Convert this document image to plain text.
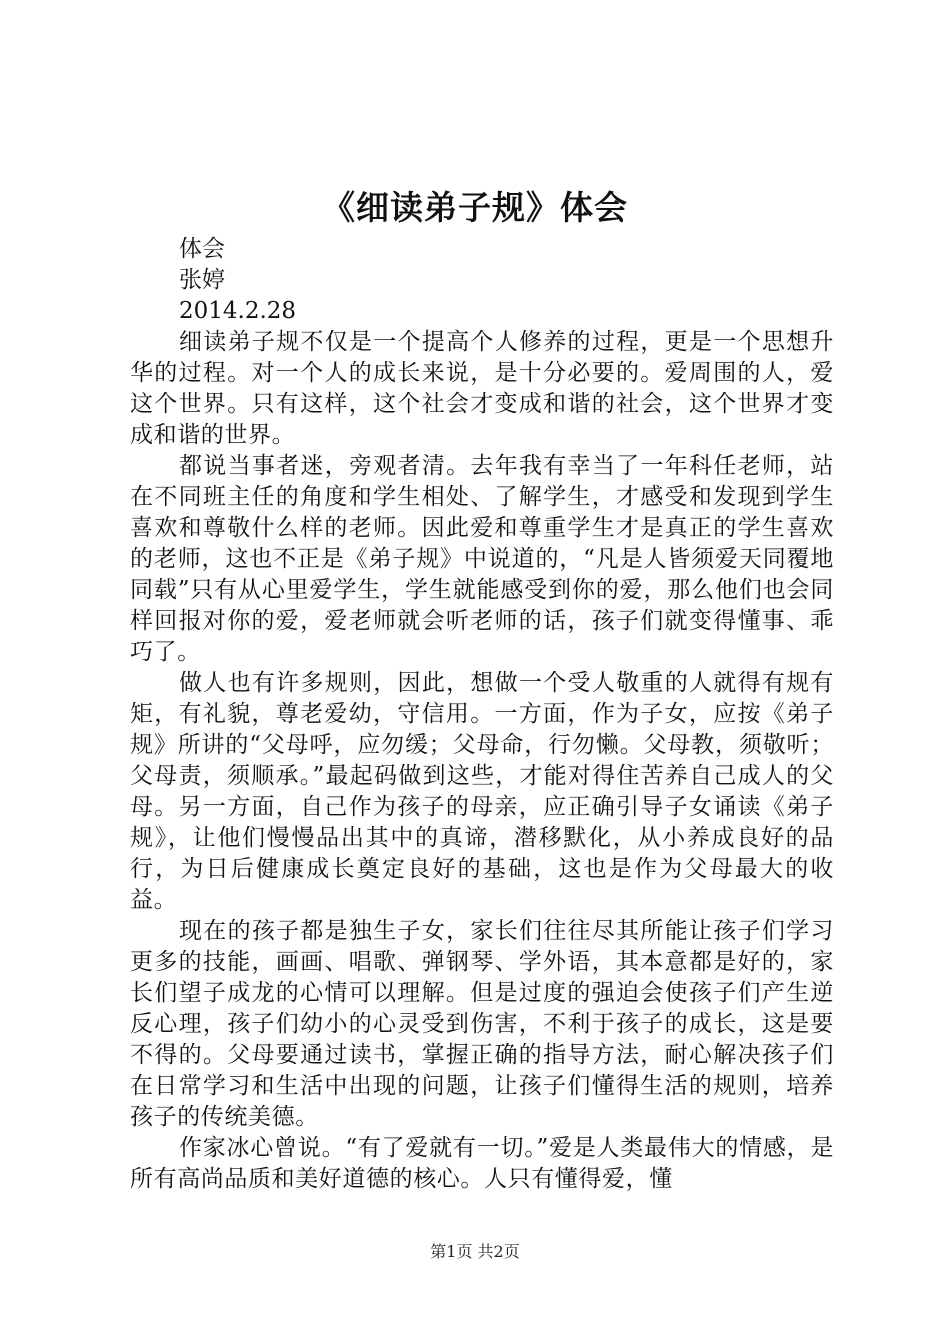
《细读弟子规》体会
体会
张婷
2014.2.28

细读弟子规不仅是一个提高个人修养的过程，更是一个思想升华的过程。对一个人的成长来说，是十分必要的。爱周围的人，爱这个世界。只有这样，这个社会才变成和谐的社会，这个世界才变成和谐的世界。

都说当事者迷，旁观者清。去年我有幸当了一年科任老师，站在不同班主任的角度和学生相处、了解学生，才感受和发现到学生喜欢和尊敬什么样的老师。因此爱和尊重学生才是真正的学生喜欢的老师，这也不正是《弟子规》中说道的，“凡是人皆须爱天同覆地同载”只有从心里爱学生，学生就能感受到你的爱，那么他们也会同样回报对你的爱，爱老师就会听老师的话，孩子们就变得懂事、乖巧了。

做人也有许多规则，因此，想做一个受人敬重的人就得有规有矩，有礼貌，尊老爱幼，守信用。一方面，作为子女，应按《弟子规》所讲的“父母呼，应勿缓；父母命，行勿懒。父母教，须敬听；父母责，须顺承。”最起码做到这些，才能对得住苦养自己成人的父母。另一方面，自己作为孩子的母亲，应正确引导子女诵读《弟子规》，让他们慢慢品出其中的真谛，潜移默化，从小养成良好的品行，为日后健康成长奠定良好的基础，这也是作为父母最大的收益。

现在的孩子都是独生子女，家长们往往尽其所能让孩子们学习更多的技能，画画、唱歌、弹钢琴、学外语，其本意都是好的，家长们望子成龙的心情可以理解。但是过度的强迫会使孩子们产生逆反心理，孩子们幼小的心灵受到伤害，不利于孩子的成长，这是要不得的。父母要通过读书，掌握正确的指导方法，耐心解决孩子们在日常学习和生活中出现的问题，让孩子们懂得生活的规则，培养孩子的传统美德。

作家冰心曾说。“有了爱就有一切。”爱是人类最伟大的情感，是所有高尚品质和美好道德的核心。人只有懂得爱，懂

第1页 共2页
